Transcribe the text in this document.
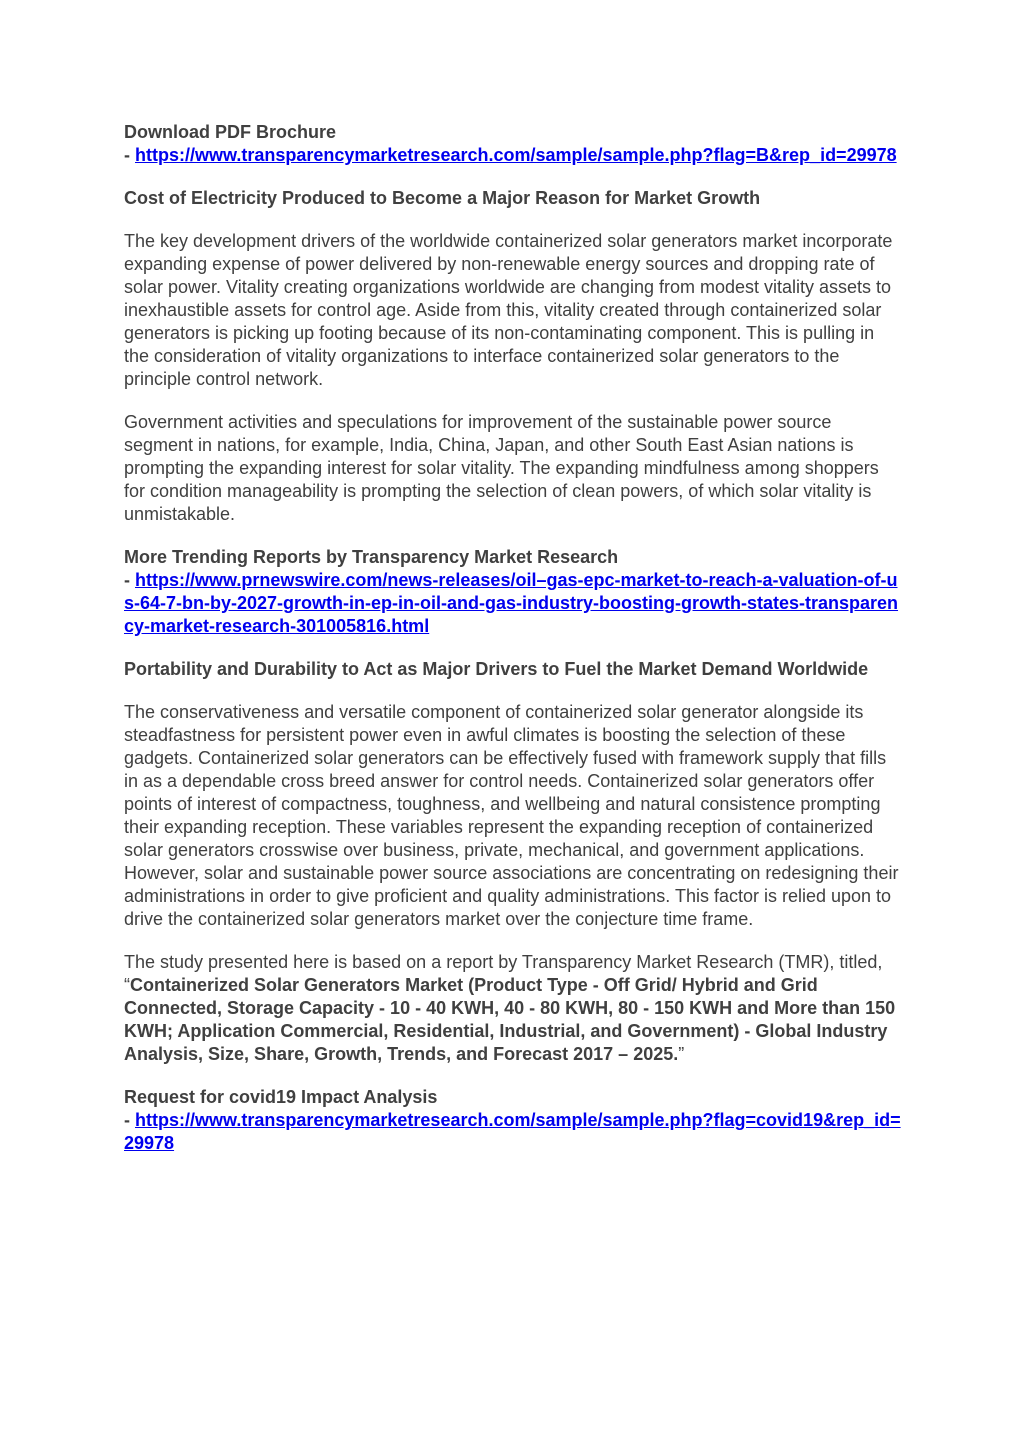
Download PDF Brochure
- https://www.transparencymarketresearch.com/sample/sample.php?flag=B&rep_id=29978
Cost of Electricity Produced to Become a Major Reason for Market Growth
The key development drivers of the worldwide containerized solar generators market incorporate expanding expense of power delivered by non-renewable energy sources and dropping rate of solar power. Vitality creating organizations worldwide are changing from modest vitality assets to inexhaustible assets for control age. Aside from this, vitality created through containerized solar generators is picking up footing because of its non-contaminating component. This is pulling in the consideration of vitality organizations to interface containerized solar generators to the principle control network.
Government activities and speculations for improvement of the sustainable power source segment in nations, for example, India, China, Japan, and other South East Asian nations is prompting the expanding interest for solar vitality. The expanding mindfulness among shoppers for condition manageability is prompting the selection of clean powers, of which solar vitality is unmistakable.
More Trending Reports by Transparency Market Research
- https://www.prnewswire.com/news-releases/oil–gas-epc-market-to-reach-a-valuation-of-us-64-7-bn-by-2027-growth-in-ep-in-oil-and-gas-industry-boosting-growth-states-transparency-market-research-301005816.html
Portability and Durability to Act as Major Drivers to Fuel the Market Demand Worldwide
The conservativeness and versatile component of containerized solar generator alongside its steadfastness for persistent power even in awful climates is boosting the selection of these gadgets. Containerized solar generators can be effectively fused with framework supply that fills in as a dependable cross breed answer for control needs. Containerized solar generators offer points of interest of compactness, toughness, and wellbeing and natural consistence prompting their expanding reception. These variables represent the expanding reception of containerized solar generators crosswise over business, private, mechanical, and government applications. However, solar and sustainable power source associations are concentrating on redesigning their administrations in order to give proficient and quality administrations. This factor is relied upon to drive the containerized solar generators market over the conjecture time frame.
The study presented here is based on a report by Transparency Market Research (TMR), titled, “Containerized Solar Generators Market (Product Type - Off Grid/ Hybrid and Grid Connected, Storage Capacity - 10 - 40 KWH, 40 - 80 KWH, 80 - 150 KWH and More than 150 KWH; Application Commercial, Residential, Industrial, and Government) - Global Industry Analysis, Size, Share, Growth, Trends, and Forecast 2017 – 2025.”
Request for covid19 Impact Analysis
- https://www.transparencymarketresearch.com/sample/sample.php?flag=covid19&rep_id=29978
